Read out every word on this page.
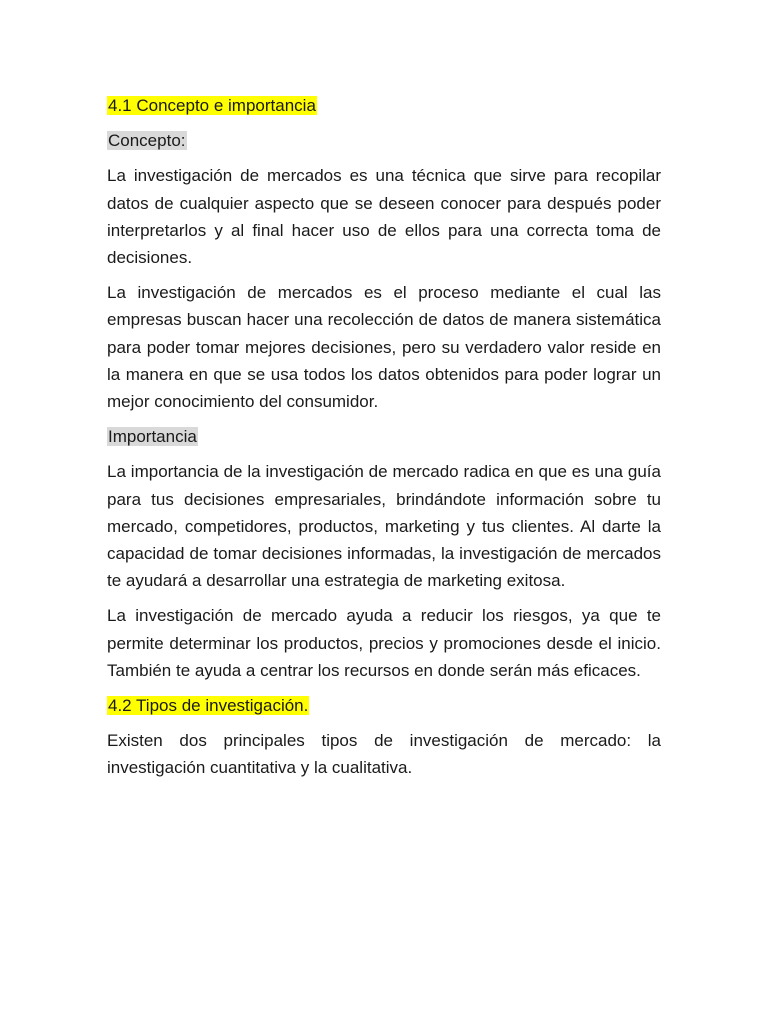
4.1 Concepto e importancia
Concepto:

La investigación de mercados es una técnica que sirve para recopilar datos de cualquier aspecto que se deseen conocer para después poder interpretarlos y al final hacer uso de ellos para una correcta toma de decisiones.

La investigación de mercados es el proceso mediante el cual las empresas buscan hacer una recolección de datos de manera sistemática para poder tomar mejores decisiones, pero su verdadero valor reside en la manera en que se usa todos los datos obtenidos para poder lograr un mejor conocimiento del consumidor.

Importancia

La importancia de la investigación de mercado radica en que es una guía para tus decisiones empresariales, brindándote información sobre tu mercado, competidores, productos, marketing y tus clientes. Al darte la capacidad de tomar decisiones informadas, la investigación de mercados te ayudará a desarrollar una estrategia de marketing exitosa.

La investigación de mercado ayuda a reducir los riesgos, ya que te permite determinar los productos, precios y promociones desde el inicio. También te ayuda a centrar los recursos en donde serán más eficaces.

4.2 Tipos de investigación.

Existen dos principales tipos de investigación de mercado: la investigación cuantitativa y la cualitativa.
